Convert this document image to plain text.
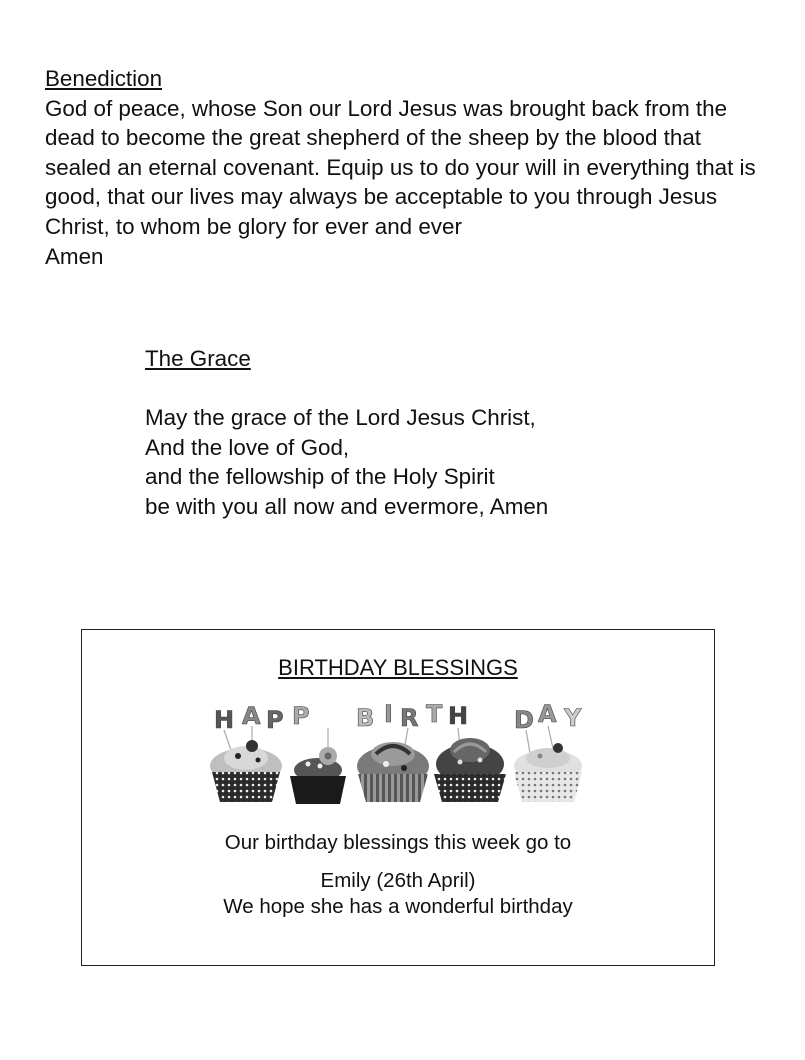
Benediction

God of peace, whose Son our Lord Jesus was brought back from the dead to become the great shepherd of the sheep by the blood that sealed an eternal covenant. Equip us to do your will in everything that is good, that our lives may always be acceptable to you through Jesus Christ, to whom be glory for ever and ever

Amen

The Grace
May the grace of the Lord Jesus Christ,
And the love of God,
and the fellowship of the Holy Spirit
be with you all now and evermore, Amen
BIRTHDAY BLESSINGS
H A P P B I R T H D A Y
Our birthday blessings this week go to
Emily (26th April)
We hope she has a wonderful birthday
